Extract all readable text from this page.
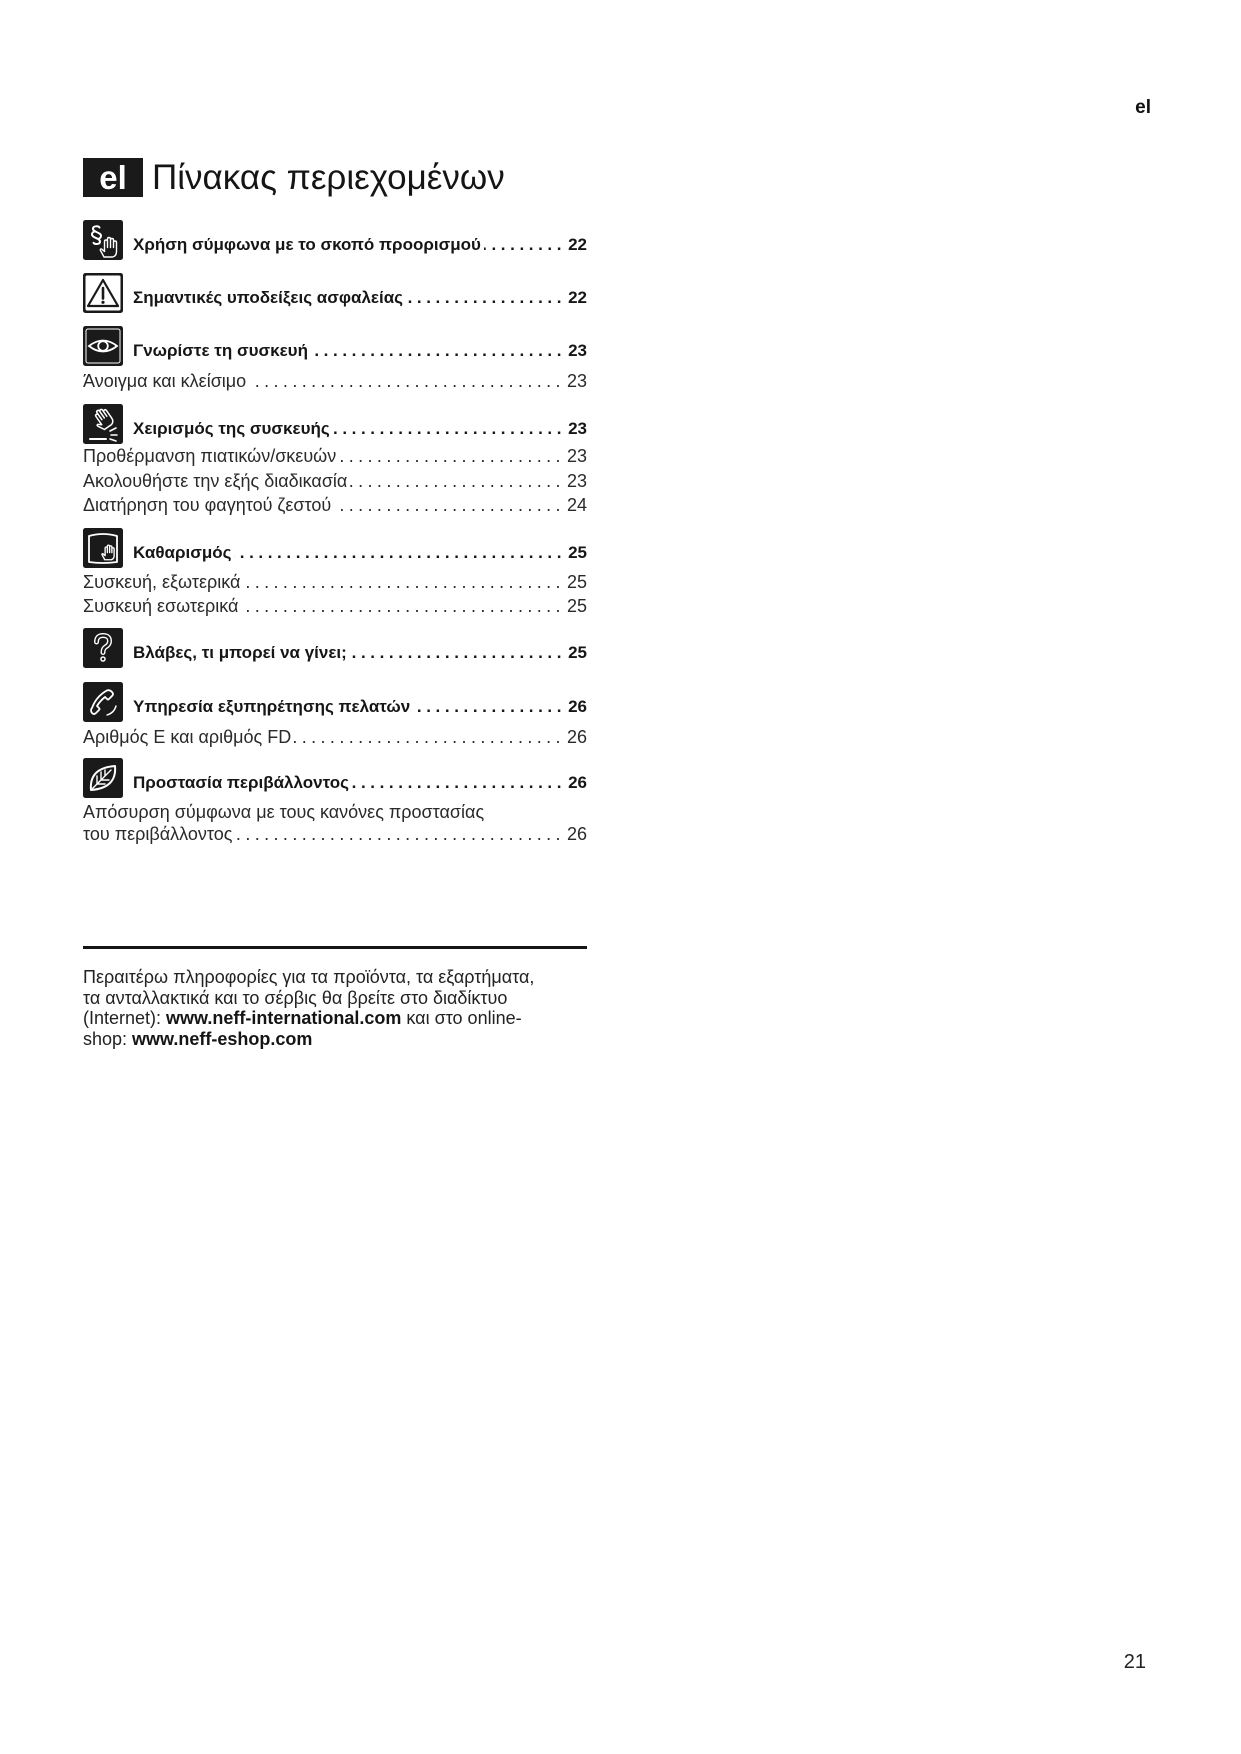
el
el Πίνακας περιεχομένων
Χρήση σύμφωνα με το σκοπό προορισμού .....	22
Σημαντικές υποδείξεις ασφαλείας .....	22
Γνωρίστε τη συσκευή .....	23
Άνοιγμα και κλείσιμο .....	23
Χειρισμός της συσκευής .....	23
Προθέρμανση πιατικών/σκευών .....	23
Ακολουθήστε την εξής διαδικασία .....	23
Διατήρηση του φαγητού ζεστού .....	24
Καθαρισμός .....	25
Συσκευή, εξωτερικά .....	25
Συσκευή εσωτερικά .....	25
Βλάβες, τι μπορεί να γίνει; .....	25
Υπηρεσία εξυπηρέτησης πελατών .....	26
Αριθμός E και αριθμός FD .....	26
Προστασία περιβάλλοντος .....	26
Απόσυρση σύμφωνα με τους κανόνες προστασίας
του περιβάλλοντος .....	26
Περαιτέρω πληροφορίες για τα προϊόντα, τα εξαρτήματα,
τα ανταλλακτικά και το σέρβις θα βρείτε στο διαδίκτυο
(Internet): www.neff-international.com και στο online-
shop: www.neff-eshop.com
21
